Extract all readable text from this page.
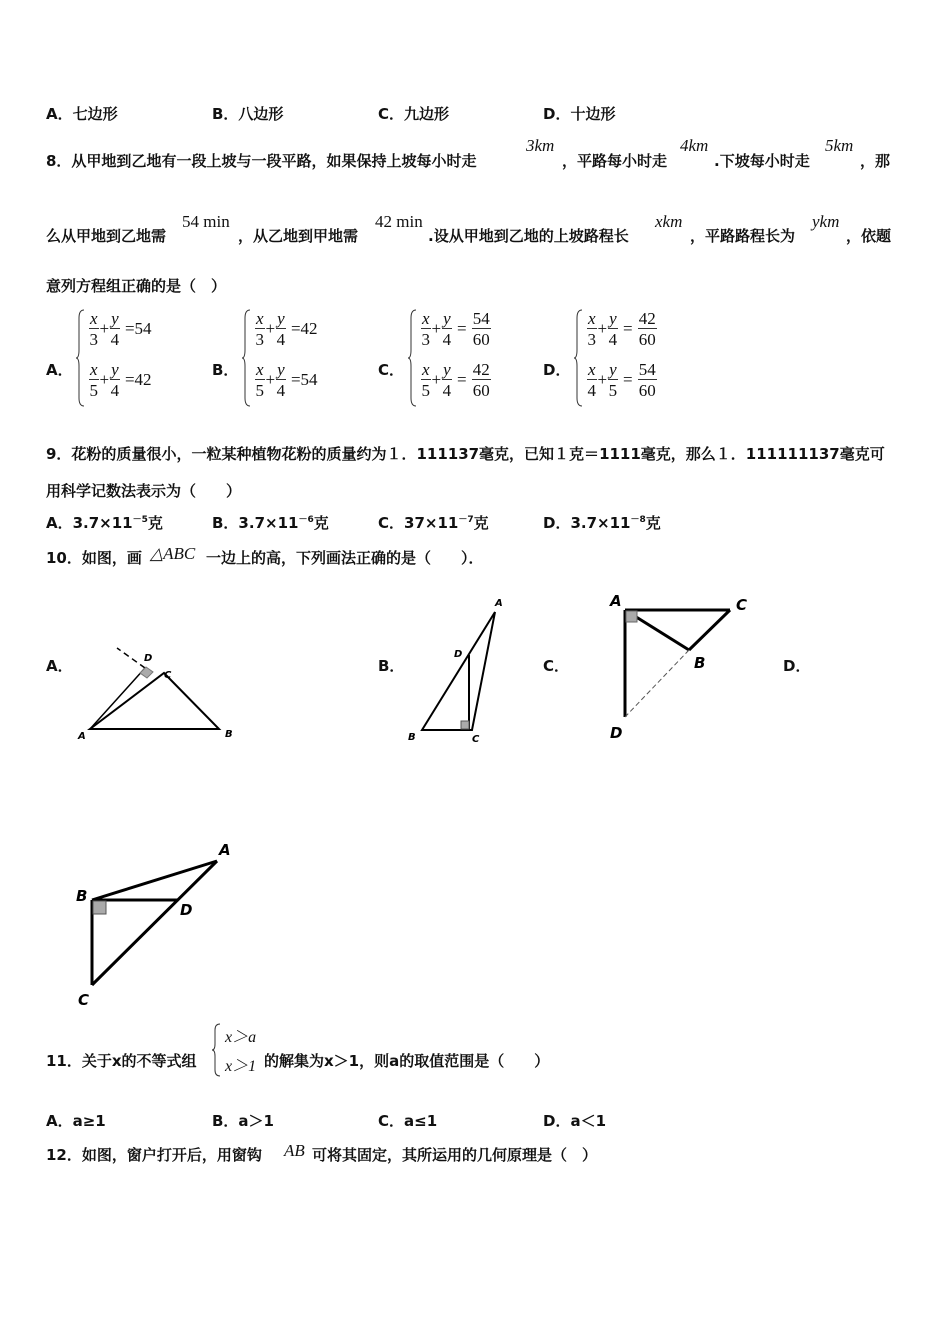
A．七边形	B．八边形	C．九边形	D．十边形
8．从甲地到乙地有一段上坡与一段平路，如果保持上坡每小时走
3km
，平路每小时走
4km
.下坡每小时走
5km
，那
么从甲地到乙地需
54 min
，从乙地到甲地需
42 min
.设从甲地到乙地的上坡路程长
xkm
，平路路程长为
ykm
，依题
意列方程组正确的是（　）
A．
$\frac{x}{3} + \frac{y}{4}$
=54
$\frac{x}{5} + \frac{y}{4}$
=42	B．
$\frac{x}{3} + \frac{y}{4}$
=42
$\frac{x}{5} + \frac{y}{4}$
=54	C．
$\frac{x}{3} + \frac{y}{4} = \frac{54}{60}$
$\frac{x}{5} + \frac{y}{4} = \frac{42}{60}$	D．
$\frac{x}{3} + \frac{y}{4} = \frac{42}{60}$
$\frac{x}{4} + \frac{y}{5} = \frac{54}{60}$
9．花粉的质量很小，一粒某种植物花粉的质量约为１．111137毫克，已知１克＝1111毫克，那么１．111111137毫克可
用科学记数法表示为（　　）
A．$3.7\times 11^{-5}$克	B．$3.7\times 11^{-6}$克	C．$37\times 11^{-7}$克	D．$3.7\times 11^{-8}$克
10．如图，画 △ABC 一边上的高，下列画法正确的是（　　）．
A．	B．	C．	D．
A	B
C
D
A
B	C
D
A	C
B
D
A
B
D
C
11．关于x的不等式组
x＞a
x＞1 的解集为x＞1，则a的取值范围是（　　）
A．a≥1	B．a＞1	C．a≤1	D．a＜1
12．如图，窗户打开后，用窗钩 AB 可将其固定，其所运用的几何原理是（　）
